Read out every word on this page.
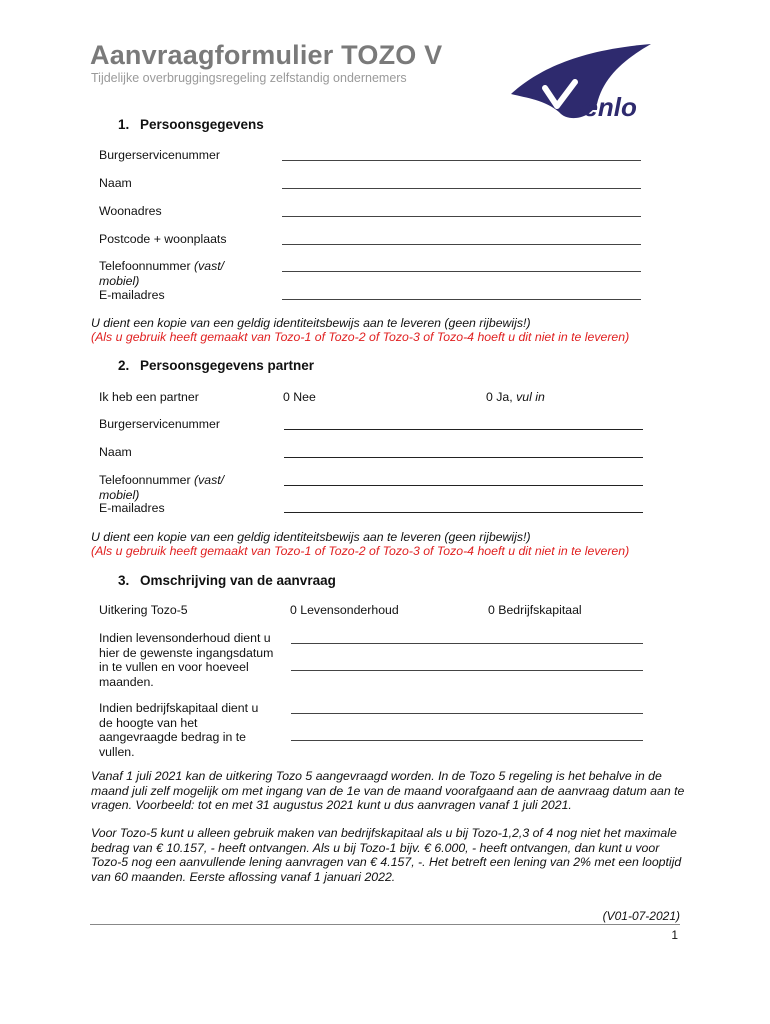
Aanvraagformulier TOZO V
Tijdelijke overbruggingsregeling zelfstandig ondernemers
venlo
1. Persoonsgegevens
Burgerservicenummer
Naam
Woonadres
Postcode + woonplaats
Telefoonnummer (vast/ mobiel)
E-mailadres
U dient een kopie van een geldig identiteitsbewijs aan te leveren (geen rijbewijs!)
(Als u gebruik heeft gemaakt van Tozo-1 of Tozo-2 of Tozo-3 of Tozo-4 hoeft u dit niet in te leveren)
2. Persoonsgegevens partner
Ik heb een partner	0 Nee	0 Ja, vul in
Burgerservicenummer
Naam
Telefoonnummer (vast/ mobiel)
E-mailadres
U dient een kopie van een geldig identiteitsbewijs aan te leveren (geen rijbewijs!)
(Als u gebruik heeft gemaakt van Tozo-1 of Tozo-2 of Tozo-3 of Tozo-4 hoeft u dit niet in te leveren)
3. Omschrijving van de aanvraag
Uitkering Tozo-5	0 Levensonderhoud	0 Bedrijfskapitaal
Indien levensonderhoud dient u hier de gewenste ingangsdatum in te vullen en voor hoeveel maanden.
Indien bedrijfskapitaal dient u de hoogte van het aangevraagde bedrag in te vullen.
Vanaf 1 juli 2021 kan de uitkering Tozo 5 aangevraagd worden. In de Tozo 5 regeling is het behalve in de maand juli zelf mogelijk om met ingang van de 1e van de maand voorafgaand aan de aanvraag datum aan te vragen. Voorbeeld: tot en met 31 augustus 2021 kunt u dus aanvragen vanaf 1 juli 2021.
Voor Tozo-5 kunt u alleen gebruik maken van bedrijfskapitaal als u bij Tozo-1,2,3 of 4 nog niet het maximale bedrag van € 10.157, - heeft ontvangen. Als u bij Tozo-1 bijv. € 6.000, - heeft ontvangen, dan kunt u voor Tozo-5 nog een aanvullende lening aanvragen van € 4.157, -. Het betreft een lening van 2% met een looptijd van 60 maanden. Eerste aflossing vanaf 1 januari 2022.
(V01-07-2021)
1
